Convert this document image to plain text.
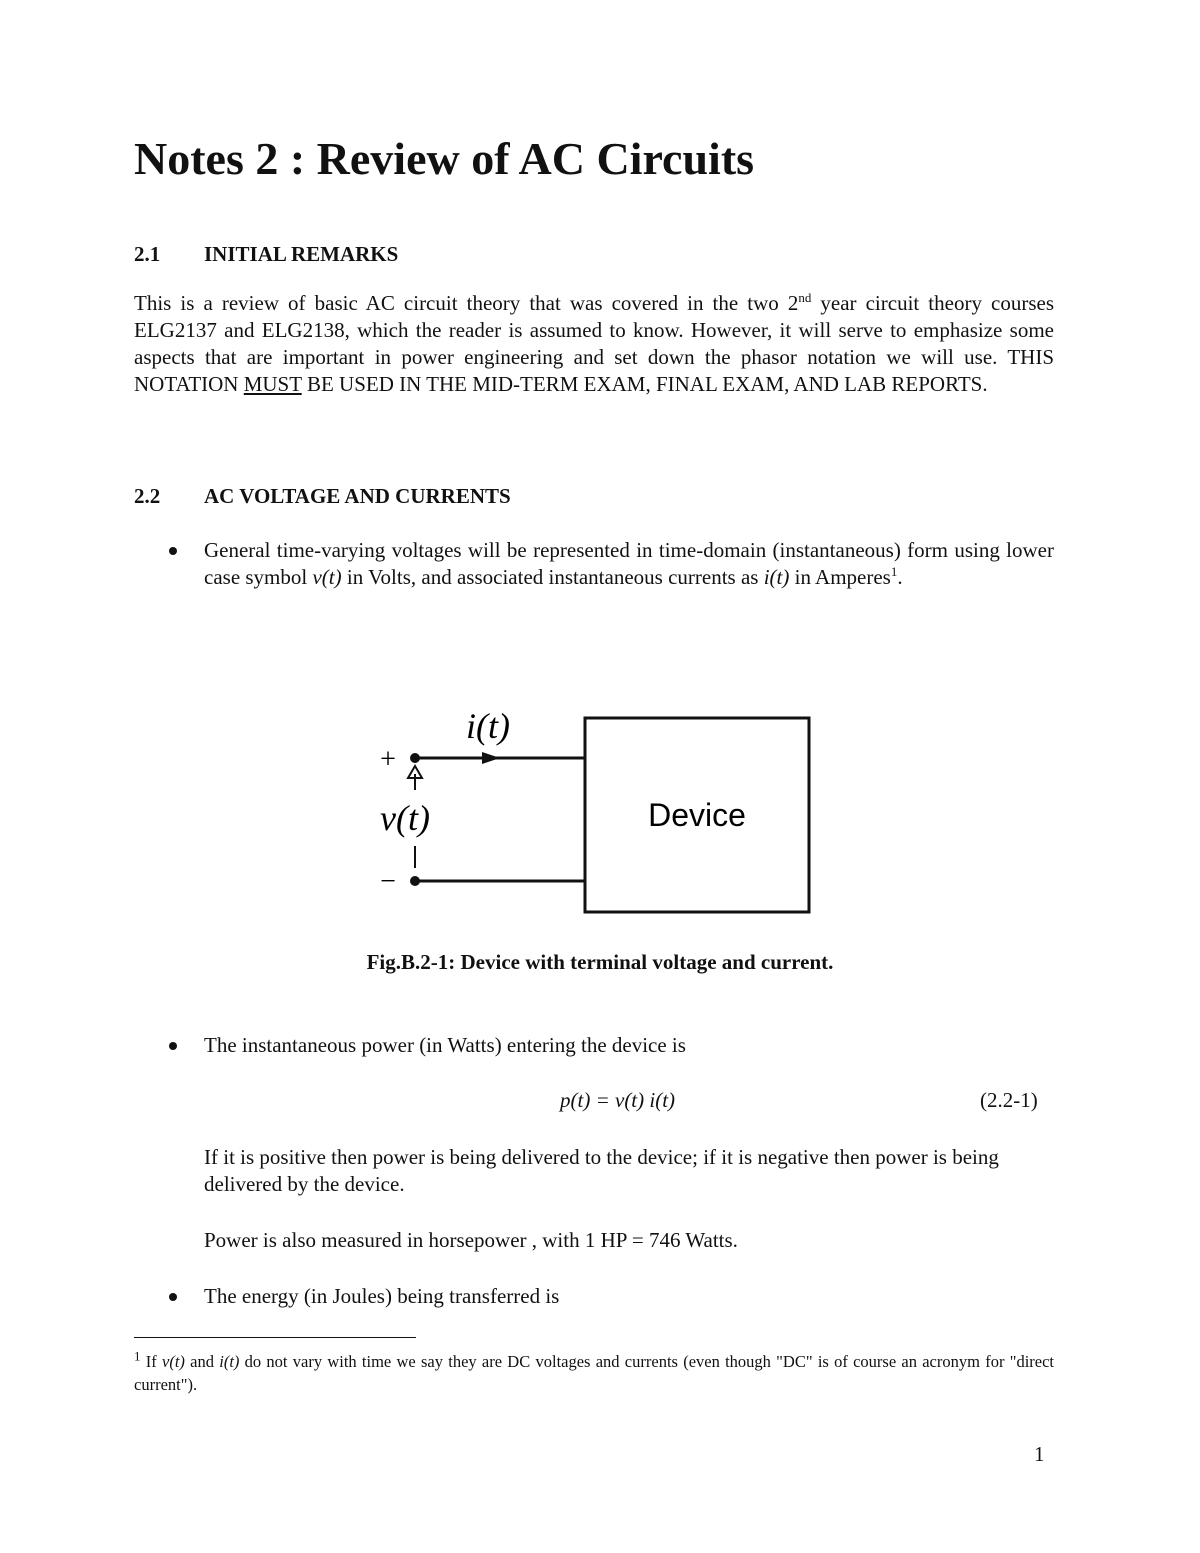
Notes 2 : Review of AC Circuits
2.1 INITIAL REMARKS
This is a review of basic AC circuit theory that was covered in the two 2nd year circuit theory courses ELG2137 and ELG2138, which the reader is assumed to know. However, it will serve to emphasize some aspects that are important in power engineering and set down the phasor notation we will use. THIS NOTATION MUST BE USED IN THE MID-TERM EXAM, FINAL EXAM, AND LAB REPORTS.
2.2 AC VOLTAGE AND CURRENTS
General time-varying voltages will be represented in time-domain (instantaneous) form using lower case symbol v(t) in Volts, and associated instantaneous currents as i(t) in Amperes$^1$.
Device
i(t)
+
−
v(t)
Fig.B.2-1: Device with terminal voltage and current.
The instantaneous power (in Watts) entering the device is
p(t) = v(t) i(t)	(2.2-1)
If it is positive then power is being delivered to the device; if it is negative then power is being delivered by the device.
Power is also measured in horsepower , with 1 HP = 746 Watts.
The energy (in Joules) being transferred is
$^1$ If v(t) and i(t) do not vary with time we say they are DC voltages and currents (even though "DC" is of course an acronym for "direct current").
1
